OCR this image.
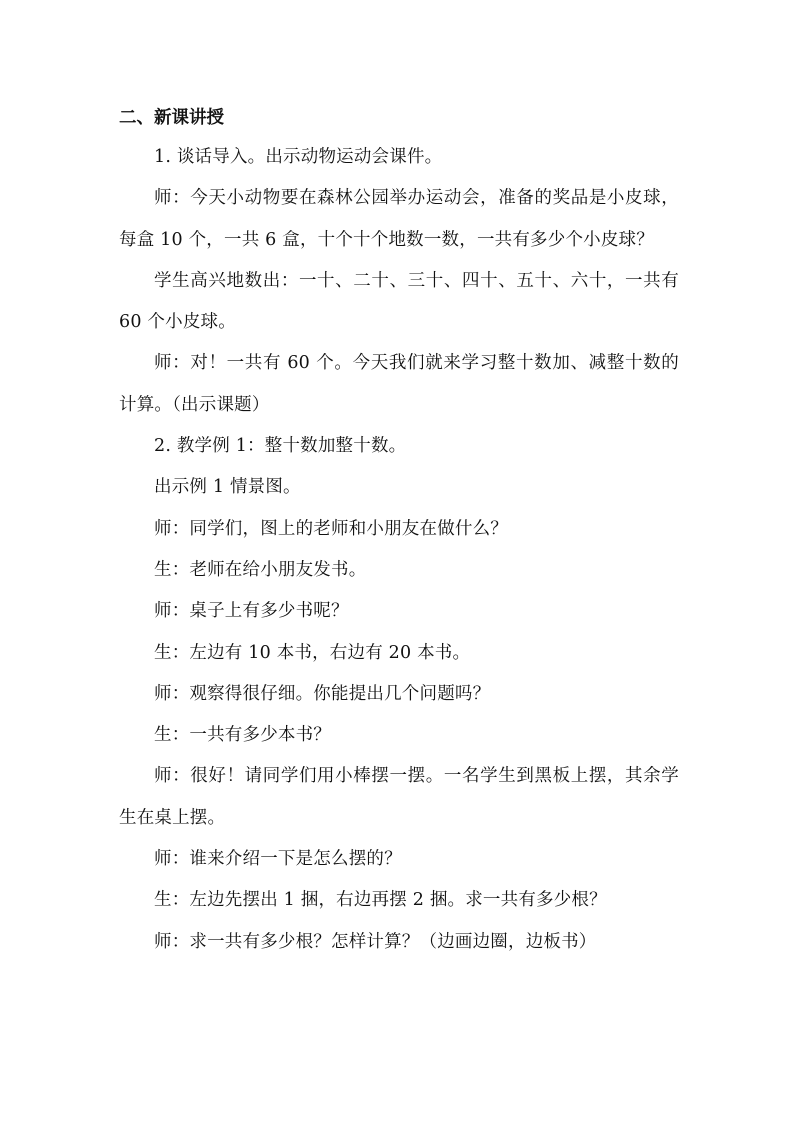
二、新课讲授
1. 谈话导入。出示动物运动会课件。
师：今天小动物要在森林公园举办运动会，准备的奖品是小皮球，每盒 10 个，一共 6 盒，十个十个地数一数，一共有多少个小皮球？
学生高兴地数出：一十、二十、三十、四十、五十、六十，一共有 60 个小皮球。
师：对！一共有 60 个。今天我们就来学习整十数加、减整十数的计算。（出示课题）
2. 教学例 1：整十数加整十数。
出示例 1 情景图。
师：同学们，图上的老师和小朋友在做什么？
生：老师在给小朋友发书。
师：桌子上有多少书呢？
生：左边有 10 本书，右边有 20 本书。
师：观察得很仔细。你能提出几个问题吗？
生：一共有多少本书？
师：很好！请同学们用小棒摆一摆。一名学生到黑板上摆，其余学生在桌上摆。
师：谁来介绍一下是怎么摆的？
生：左边先摆出 1 捆，右边再摆 2 捆。求一共有多少根？
师：求一共有多少根？怎样计算？（边画边圈，边板书）
